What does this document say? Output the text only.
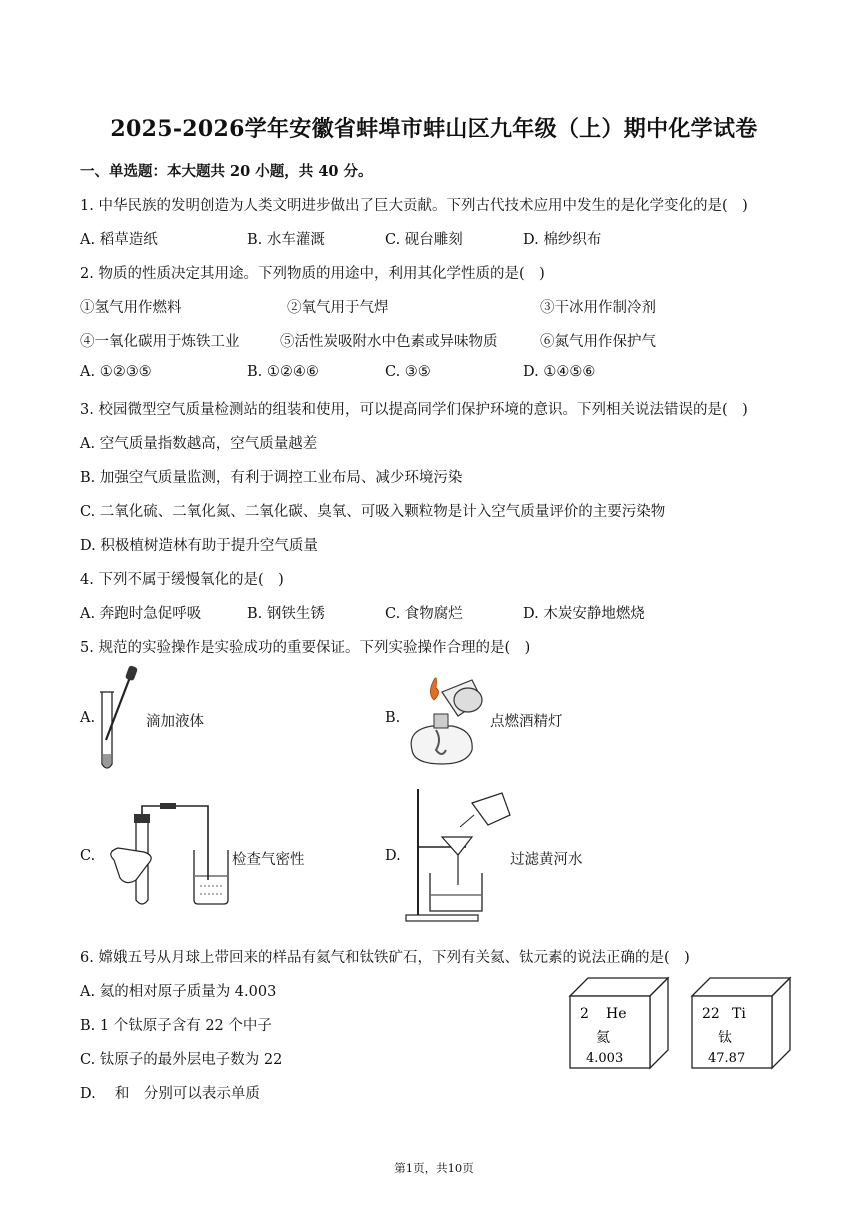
2025-2026学年安徽省蚌埠市蚌山区九年级（上）期中化学试卷
一、单选题：本大题共 20 小题，共 40 分。
1. 中华民族的发明创造为人类文明进步做出了巨大贡献。下列古代技术应用中发生的是化学变化的是(　)
A. 稻草造纸	B. 水车灌溉	C. 砚台雕刻	D. 棉纱织布
2. 物质的性质决定其用途。下列物质的用途中，利用其化学性质的是(　)
①氢气用作燃料	②氧气用于气焊	③干冰用作制冷剂
④一氧化碳用于炼铁工业	⑤活性炭吸附水中色素或异味物质	⑥氮气用作保护气
A. ①②③⑤	B. ①②④⑥	C. ③⑤	D. ①④⑤⑥
3. 校园微型空气质量检测站的组装和使用，可以提高同学们保护环境的意识。下列相关说法错误的是(　)
A. 空气质量指数越高，空气质量越差
B. 加强空气质量监测，有利于调控工业布局、减少环境污染
C. 二氧化硫、二氧化氮、二氧化碳、臭氧、可吸入颗粒物是计入空气质量评价的主要污染物
D. 积极植树造林有助于提升空气质量
4. 下列不属于缓慢氧化的是(　)
A. 奔跑时急促呼吸	B. 钢铁生锈	C. 食物腐烂	D. 木炭安静地燃烧
5. 规范的实验操作是实验成功的重要保证。下列实验操作合理的是(　)
A.	滴加液体	B.	点燃酒精灯
C.	检查气密性	D.	过滤黄河水
6. 嫦娥五号从月球上带回来的样品有氦气和钛铁矿石，下列有关氦、钛元素的说法正确的是(　)
A. 氦的相对原子质量为 4.003
B. 1 个钛原子含有 22 个中子
C. 钛原子的最外层电子数为 22
D.　 和　分别可以表示单质
2 He
氦
4.003
22 Ti
钛
47.87
第1页，共10页
